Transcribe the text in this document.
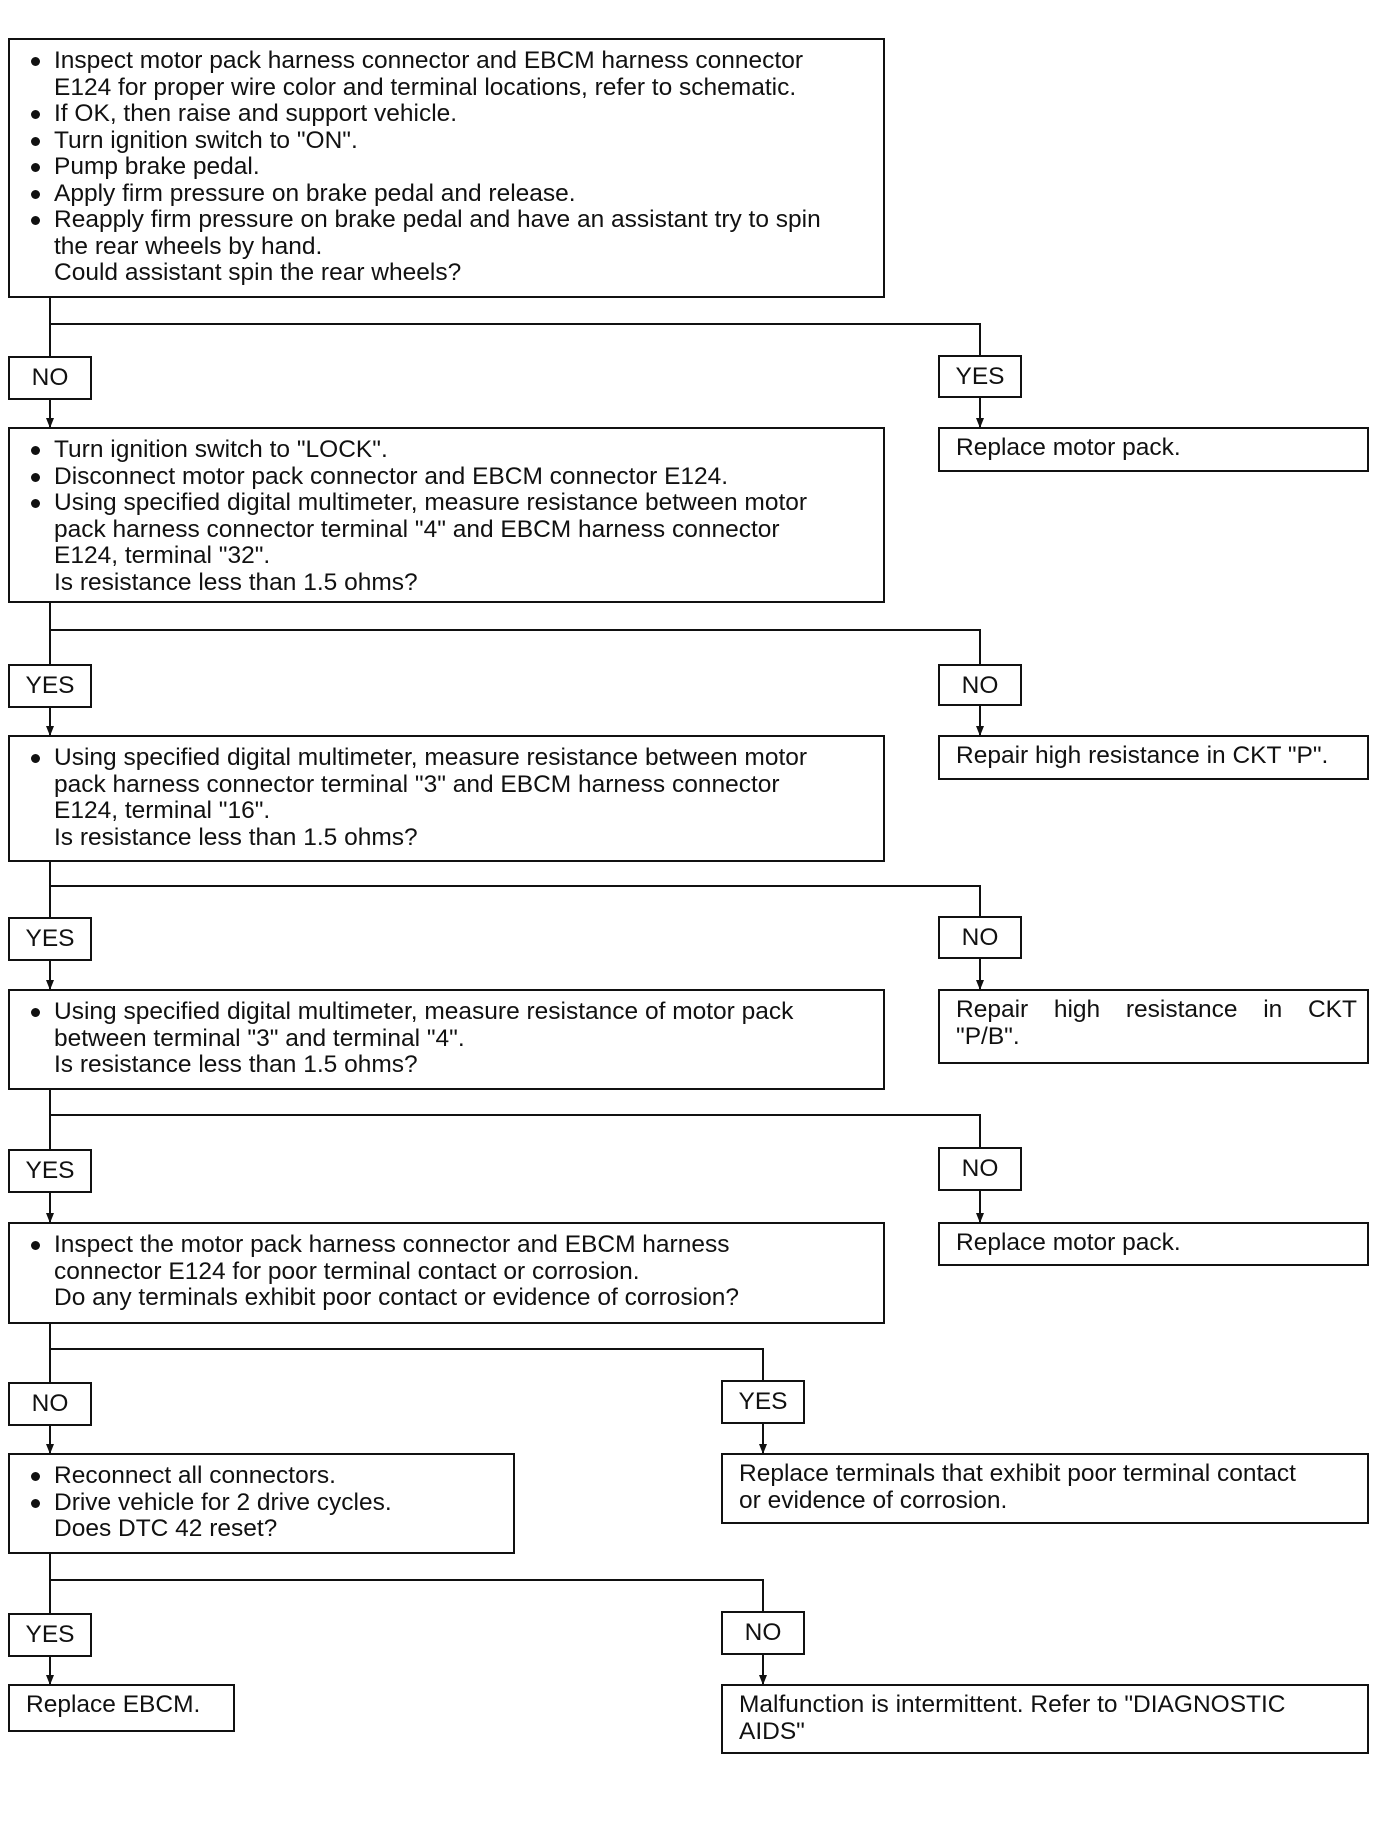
Inspect motor pack harness connector and EBCM harness connector
E124 for proper wire color and terminal locations, refer to schematic.
If OK, then raise and support vehicle.
Turn ignition switch to "ON".
Pump brake pedal.
Apply firm pressure on brake pedal and release.
Reapply firm pressure on brake pedal and have an assistant try to spin
the rear wheels by hand.
Could assistant spin the rear wheels?
NO	YES
Replace motor pack.
Turn ignition switch to "LOCK".
Disconnect motor pack connector and EBCM connector E124.
Using specified digital multimeter, measure resistance between motor
pack harness connector terminal "4" and EBCM harness connector
E124, terminal "32".
Is resistance less than 1.5 ohms?
YES	NO
Repair high resistance in CKT "P".
Using specified digital multimeter, measure resistance between motor
pack harness connector terminal "3" and EBCM harness connector
E124, terminal "16".
Is resistance less than 1.5 ohms?
YES	NO
Repair high resistance in CKT
"P/B".
Using specified digital multimeter, measure resistance of motor pack
between terminal "3" and terminal "4".
Is resistance less than 1.5 ohms?
YES	NO
Replace motor pack.
Inspect the motor pack harness connector and EBCM harness
connector E124 for poor terminal contact or corrosion.
Do any terminals exhibit poor contact or evidence of corrosion?
NO	YES
Replace terminals that exhibit poor terminal contact
or evidence of corrosion.
Reconnect all connectors.
Drive vehicle for 2 drive cycles.
Does DTC 42 reset?
YES	NO
Replace EBCM.	Malfunction is intermittent. Refer to "DIAGNOSTIC
AIDS"
